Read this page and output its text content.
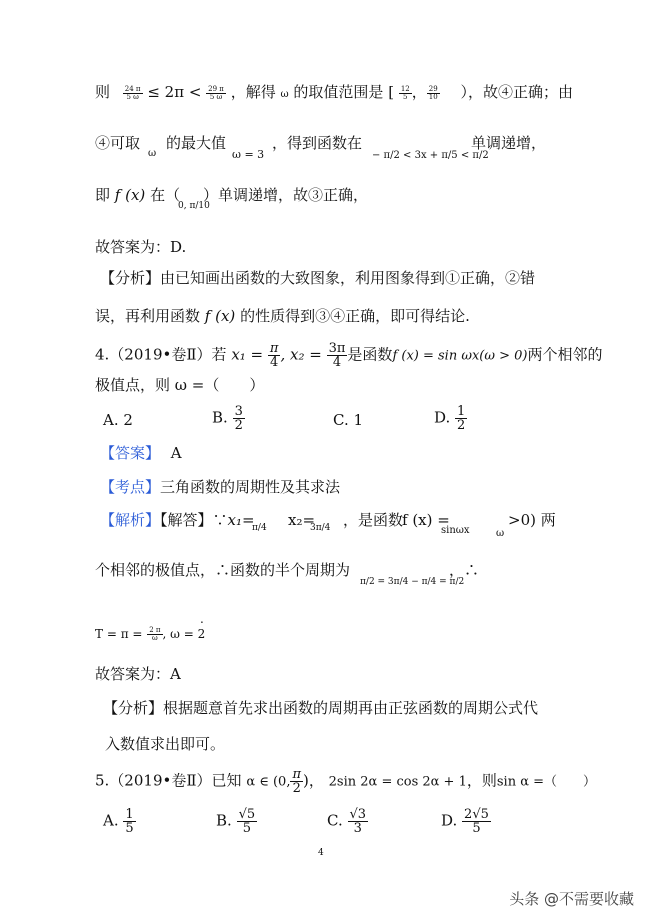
则 $\frac{24 \pi}{5 \omega} \le 2\pi < \frac{29 \pi}{5 \omega}$ ，解得 ω 的取值范围是 [ $\frac{12}{5}$ ， $\frac{29}{10}$ ），故④正确；由
④可取
ω
的最大值
ω = 3
，得到函数在
− π/2 < 3x + π/5 < π/2
单调递增，
即 f (x) 在（
0, π/10
）单调递增，故③正确，
故答案为：D.
【分析】由已知画出函数的大致图象，利用图象得到①正确，②错
误，再利用函数 f (x) 的性质得到③④正确，即可得结论.
4.（2019•卷Ⅱ）若 $x_1 = \frac{\pi}{4}$ , $x_2 = \frac{3\pi}{4}$ 是函数f (x) = sin ωx(ω > 0)两个相邻的
极值点，则 ω =（　　）
A. 2	B. $\frac{3}{2}$	C. 1	D. $\frac{1}{2}$
【答案】 A
【考点】三角函数的周期性及其求法
【解析】【解答】∵x₁=
π/4 x₂=
3π/4 ，是函数
f (x) =
sinωx	ω
>0) 两
个相邻的极值点，∴函数的半个周期为
π/2 = 3π/4 − π/4 = π/2
，∴
$T = \pi = \frac{2 \pi}{\omega}$ , ω = 2
.
故答案为：A
【分析】根据题意首先求出函数的周期再由正弦函数的周期公式代
入数值求出即可。
5.（2019•卷Ⅱ）已知 α ∈ (0, $\frac{\pi}{2}$ )， 2sin 2α = cos 2α + 1，则sin α =（　　）
A. $\frac{1}{5}$	B. $\frac{√5}{5}$	C. $\frac{√3}{3}$	D. $\frac{2√5}{5}$
4
头条 @不需要收藏
